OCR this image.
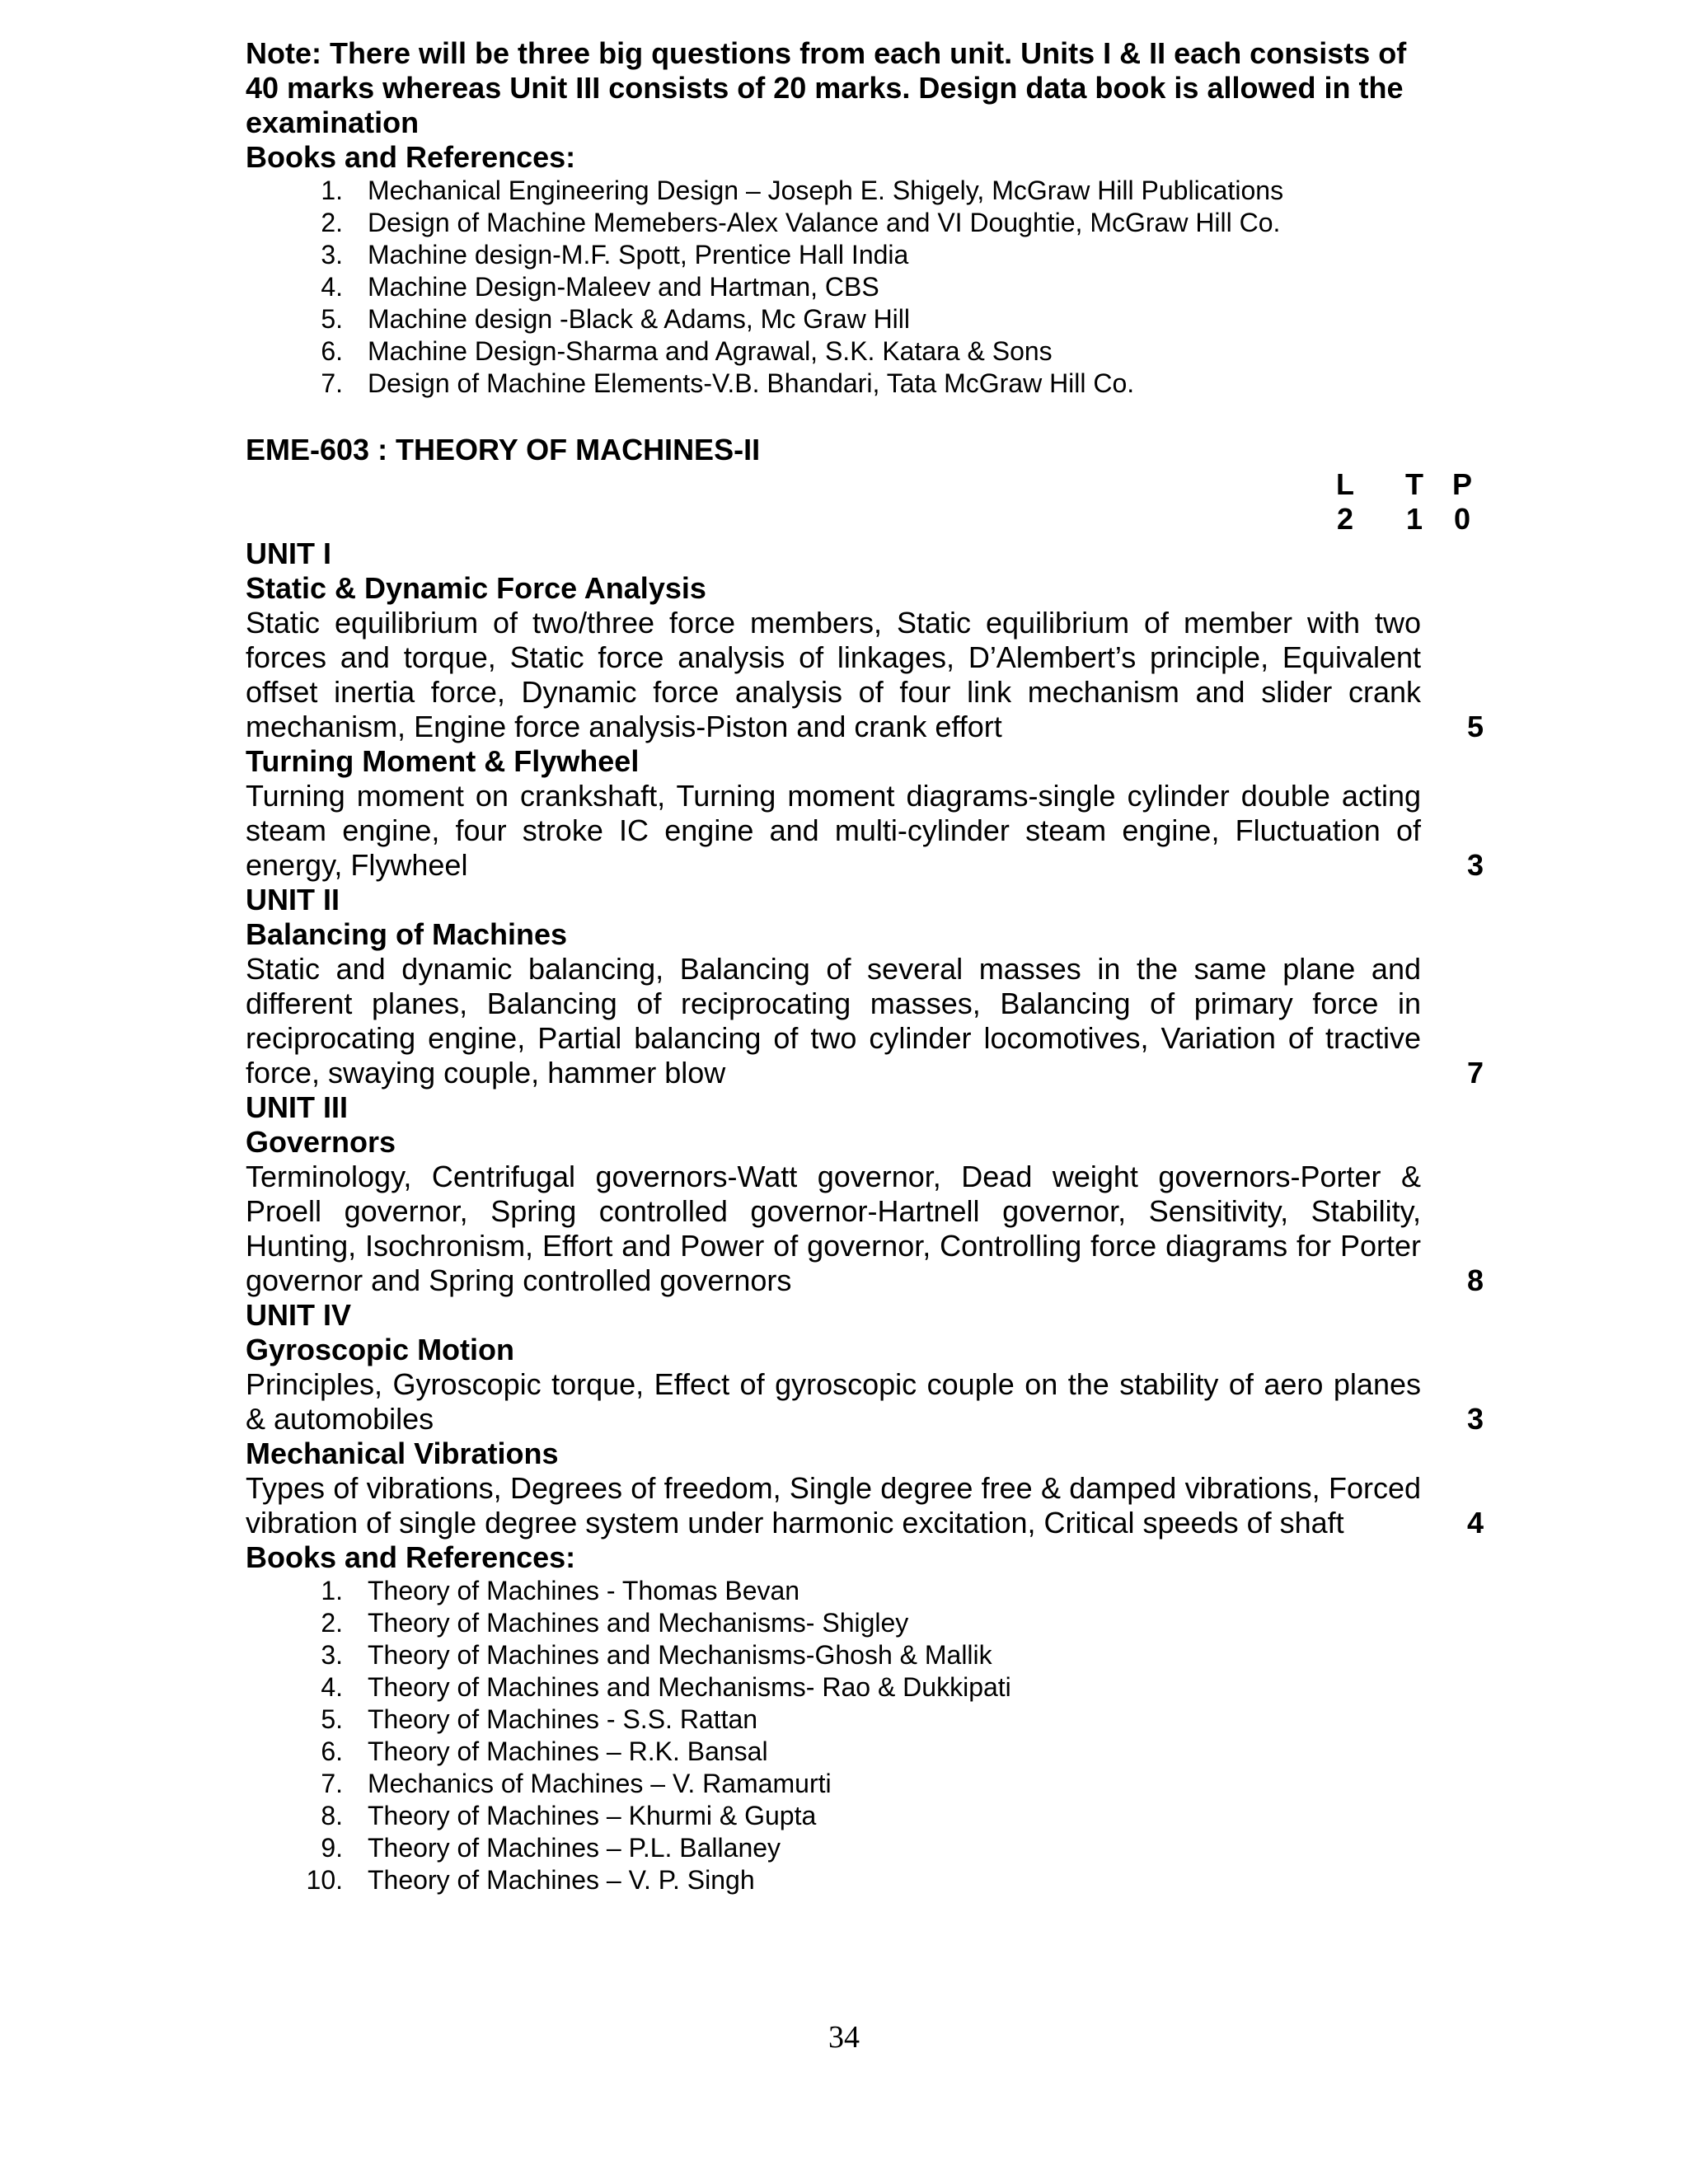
Note: There will be three big questions from each unit. Units I & II each consists of 40 marks whereas Unit III consists of 20 marks. Design data book is allowed in the examination

Books and References:
1. Mechanical Engineering Design – Joseph E. Shigely, McGraw Hill Publications
2. Design of Machine Memebers-Alex Valance and VI Doughtie, McGraw Hill Co.
3. Machine design-M.F. Spott, Prentice Hall India
4. Machine Design-Maleev and Hartman, CBS
5. Machine design -Black & Adams, Mc Graw Hill
6. Machine Design-Sharma and Agrawal, S.K. Katara & Sons
7. Design of Machine Elements-V.B. Bhandari, Tata McGraw Hill Co.
EME-603 : THEORY OF MACHINES-II
L T P
2 1 0
UNIT I
Static & Dynamic Force Analysis

Static equilibrium of two/three force members, Static equilibrium of member with two forces and torque, Static force analysis of linkages, D’Alembert’s principle, Equivalent offset inertia force, Dynamic force analysis of four link mechanism and slider crank mechanism, Engine force analysis-Piston and crank effort	5
Turning Moment & Flywheel

Turning moment on crankshaft, Turning moment diagrams-single cylinder double acting steam engine, four stroke IC engine and multi-cylinder steam engine, Fluctuation of energy, Flywheel	3
UNIT II
Balancing of Machines

Static and dynamic balancing, Balancing of several masses in the same plane and different planes, Balancing of reciprocating masses, Balancing of primary force in reciprocating engine, Partial balancing of two cylinder locomotives, Variation of tractive force, swaying couple, hammer blow	7
UNIT III
Governors

Terminology, Centrifugal governors-Watt governor, Dead weight governors-Porter & Proell governor, Spring controlled governor-Hartnell governor, Sensitivity, Stability, Hunting, Isochronism, Effort and Power of governor, Controlling force diagrams for Porter governor and Spring controlled governors	8
UNIT IV
Gyroscopic Motion

Principles, Gyroscopic torque, Effect of gyroscopic couple on the stability of aero planes & automobiles	3
Mechanical Vibrations

Types of vibrations, Degrees of freedom, Single degree free & damped vibrations, Forced vibration of single degree system under harmonic excitation, Critical speeds of shaft	4
Books and References:
1. Theory of Machines - Thomas Bevan
2. Theory of Machines and Mechanisms- Shigley
3. Theory of Machines and Mechanisms-Ghosh & Mallik
4. Theory of Machines and Mechanisms- Rao & Dukkipati
5. Theory of Machines - S.S. Rattan
6. Theory of Machines – R.K. Bansal
7. Mechanics of Machines – V. Ramamurti
8. Theory of Machines – Khurmi & Gupta
9. Theory of Machines – P.L. Ballaney
10. Theory of Machines – V. P. Singh
34
